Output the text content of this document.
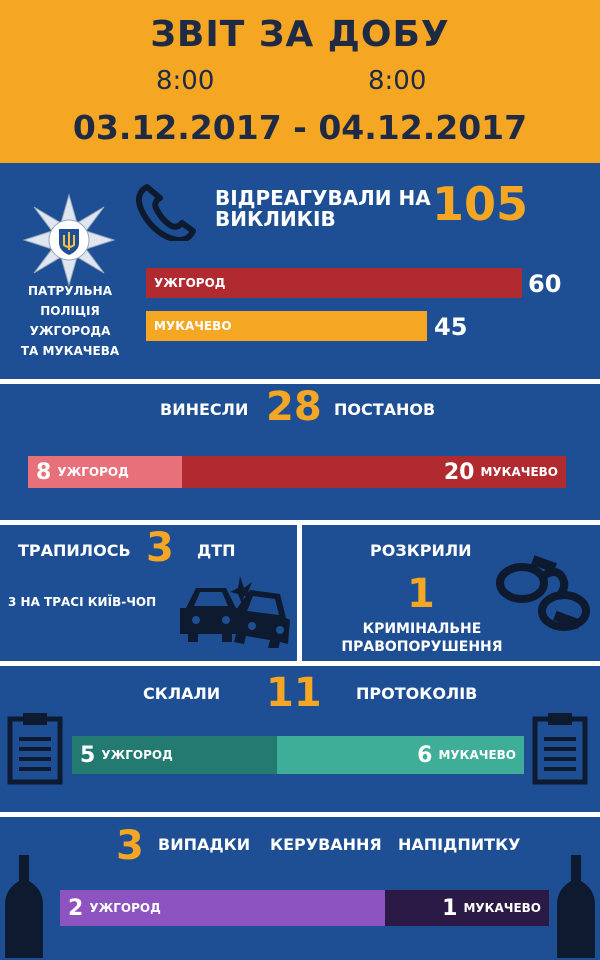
ЗВІТ ЗА ДОБУ
8:00	8:00
03.12.2017 - 04.12.2017
ПАТРУЛЬНА
ПОЛІЦІЯ
УЖГОРОДА
ТА МУКАЧЕВА
ВІДРЕАГУВАЛИ НА
ВИКЛИКІВ	105
УЖГОРОД	60
МУКАЧЕВО	45
ВИНЕСЛИ 28 ПОСТАНОВ
8 УЖГОРОД	20 МУКАЧЕВО
ТРАПИЛОСЬ 3 ДТП
3 НА ТРАСІ КИЇВ-ЧОП
РОЗКРИЛИ
1
КРИМІНАЛЬНЕ
ПРАВОПОРУШЕННЯ
СКЛАЛИ 11 ПРОТОКОЛІВ
5 УЖГОРОД	6 МУКАЧЕВО
3 ВИПАДКИ КЕРУВАННЯ НАПІДПИТКУ
2 УЖГОРОД	1 МУКАЧЕВО
